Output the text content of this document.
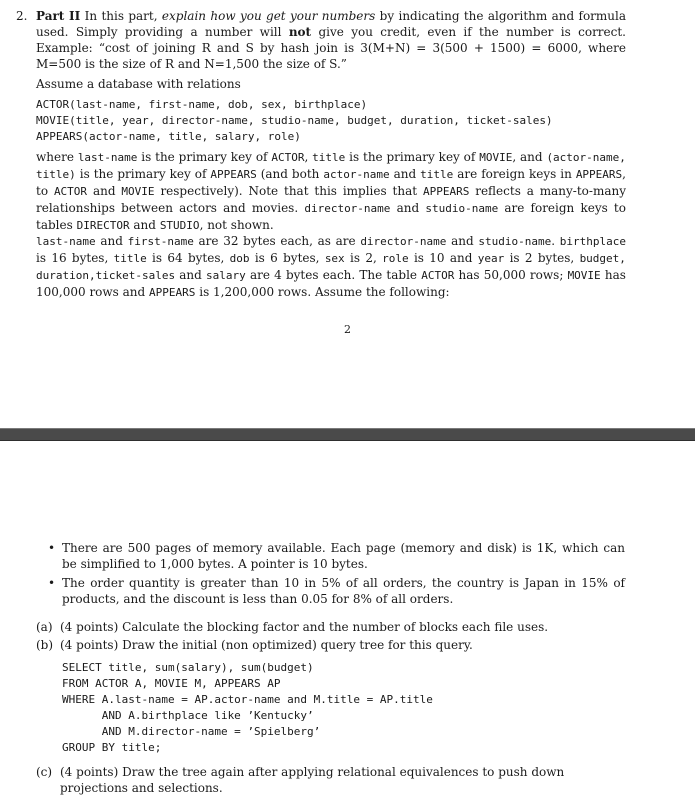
2. Part II In this part, explain how you get your numbers by indicating the algorithm and formula used. Simply providing a number will not give you credit, even if the number is correct. Example: “cost of joining R and S by hash join is 3(M+N) = 3(500 + 1500) = 6000, where M=500 is the size of R and N=1,500 the size of S.”

Assume a database with relations

ACTOR(last-name, first-name, dob, sex, birthplace)
MOVIE(title, year, director-name, studio-name, budget, duration, ticket-sales)
APPEARS(actor-name, title, salary, role)

where last-name is the primary key of ACTOR, title is the primary key of MOVIE, and (actor-name, title) is the primary key of APPEARS (and both actor-name and title are foreign keys in APPEARS, to ACTOR and MOVIE respectively). Note that this implies that APPEARS reflects a many-to-many relationships between actors and movies. director-name and studio-name are foreign keys to tables DIRECTOR and STUDIO, not shown.

last-name and first-name are 32 bytes each, as are director-name and studio-name. birthplace is 16 bytes, title is 64 bytes, dob is 6 bytes, sex is 2, role is 10 and year is 2 bytes, budget, duration,ticket-sales and salary are 4 bytes each. The table ACTOR has 50,000 rows; MOVIE has 100,000 rows and APPEARS is 1,200,000 rows. Assume the following:

2
• There are 500 pages of memory available. Each page (memory and disk) is 1K, which can be simplified to 1,000 bytes. A pointer is 10 bytes.
• The order quantity is greater than 10 in 5% of all orders, the country is Japan in 15% of products, and the discount is less than 0.05 for 8% of all orders.
(a) (4 points) Calculate the blocking factor and the number of blocks each file uses.
(b) (4 points) Draw the initial (non optimized) query tree for this query.
SELECT title, sum(salary), sum(budget)
FROM ACTOR A, MOVIE M, APPEARS AP
WHERE A.last-name = AP.actor-name and M.title = AP.title
AND A.birthplace like ’Kentucky’
AND M.director-name = ’Spielberg’
GROUP BY title;
(c) (4 points) Draw the tree again after applying relational equivalences to push down projections and selections.
